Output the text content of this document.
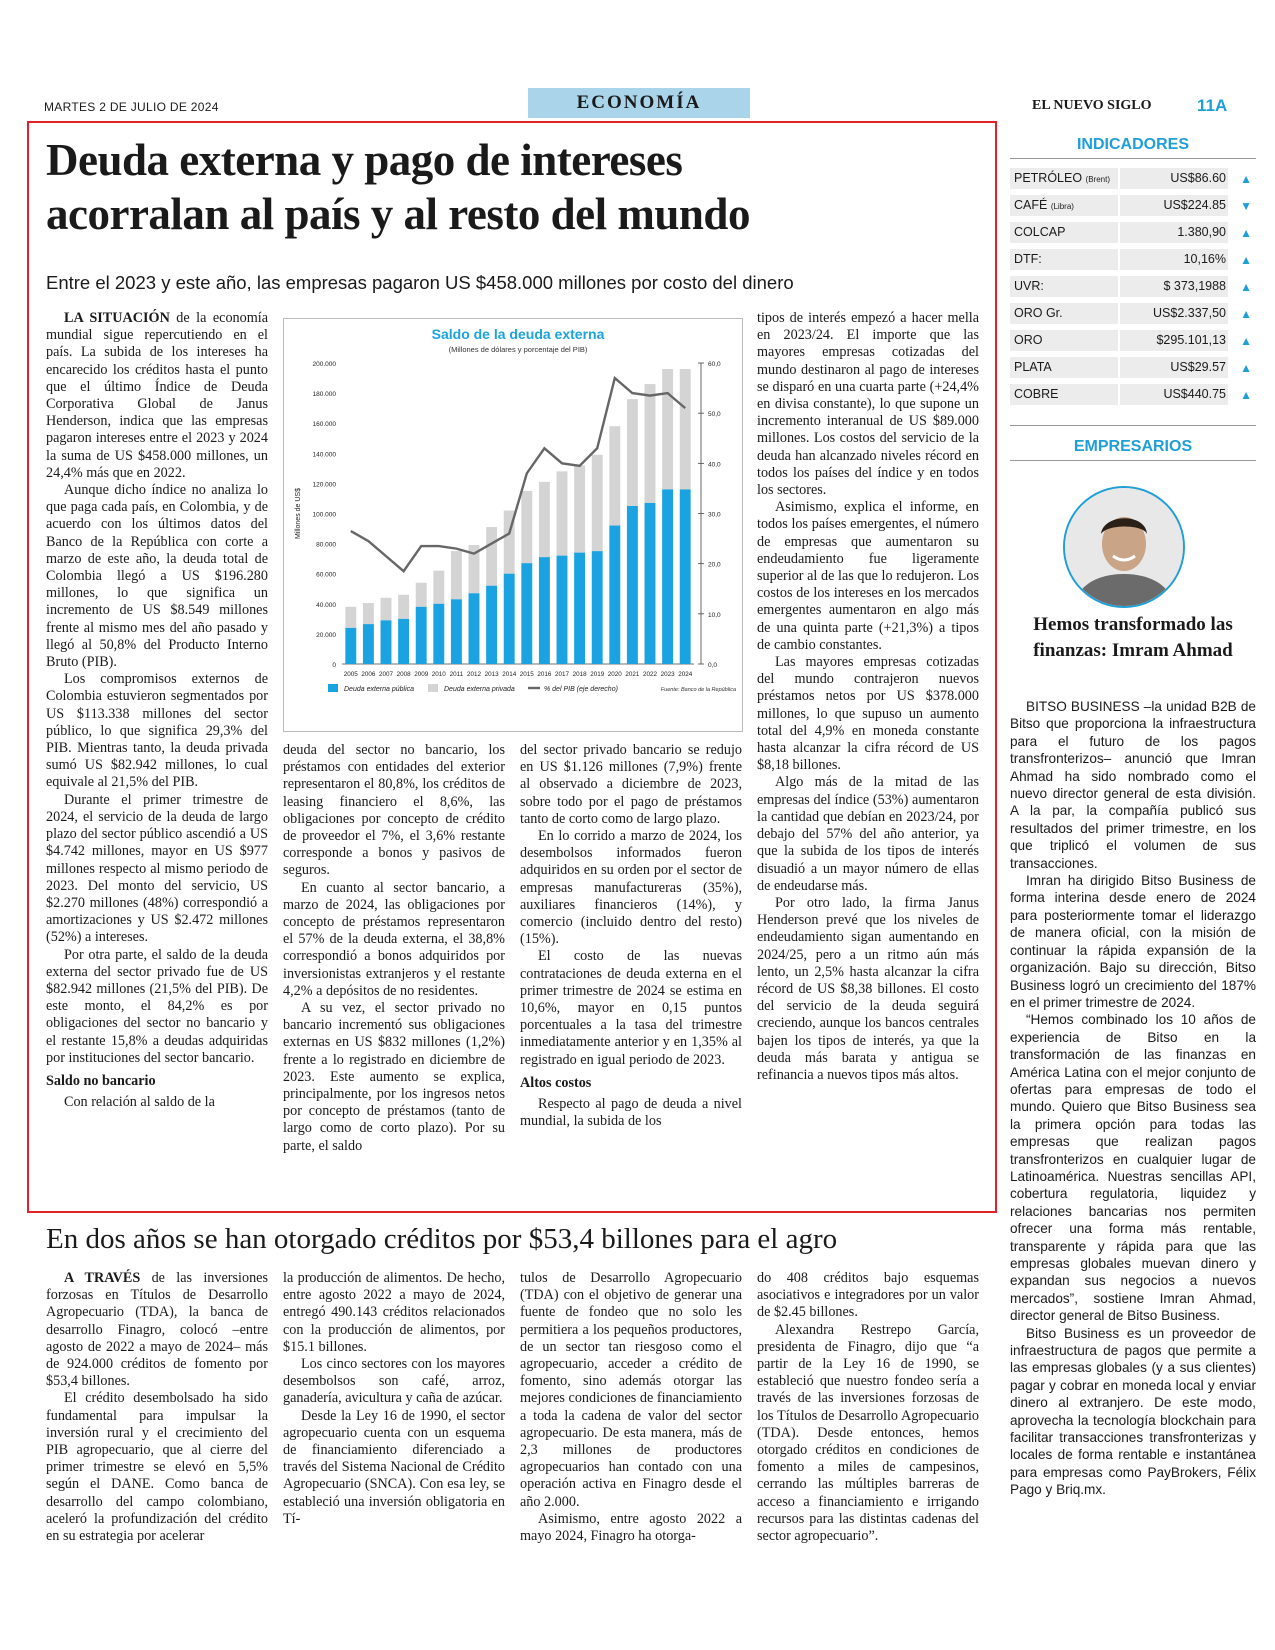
MARTES 2 DE JULIO DE 2024	ECONOMÍA	EL NUEVO SIGLO	11A
Deuda externa y pago de intereses
acorralan al país y al resto del mundo
Entre el 2023 y este año, las empresas pagaron US $458.000 millones por costo del dinero

LA SITUACIÓN de la economía mundial sigue repercutiendo en el país. La subida de los intereses ha encarecido los créditos hasta el punto que el último Índice de Deuda Corporativa Global de Janus Henderson, indica que las empresas pagaron intereses entre el 2023 y 2024 la suma de US $458.000 millones, un 24,4% más que en 2022.

Aunque dicho índice no analiza lo que paga cada país, en Colombia, y de acuerdo con los últimos datos del Banco de la República con corte a marzo de este año, la deuda total de Colombia llegó a US $196.280 millones, lo que significa un incremento de US $8.549 millones frente al mismo mes del año pasado y llegó al 50,8% del Producto Interno Bruto (PIB).

Los compromisos externos de Colombia estuvieron segmentados por US $113.338 millones del sector público, lo que significa 29,3% del PIB. Mientras tanto, la deuda privada sumó US $82.942 millones, lo cual equivale al 21,5% del PIB.

Durante el primer trimestre de 2024, el servicio de la deuda de largo plazo del sector público ascendió a US $4.742 millones, mayor en US $977 millones respecto al mismo periodo de 2023. Del monto del servicio, US $2.270 millones (48%) correspondió a amortizaciones y US $2.472 millones (52%) a intereses.

Por otra parte, el saldo de la deuda externa del sector privado fue de US $82.942 millones (21,5% del PIB). De este monto, el 84,2% es por obligaciones del sector no bancario y el restante 15,8% a deudas adquiridas por instituciones del sector bancario.

Saldo no bancario

Con relación al saldo de la

Saldo de la deuda externa
(Millones de dólares y porcentaje del PIB)
0
20.000
40.000
60.000
80.000
100.000
120.000
140.000
160.000
180.000
200.000
0,0
10,0
20,0
30,0
40,0
50,0
60,0
Millones de US$
2005 2006 2007 2008 2009 2010 2011 2012 2013 2014 2015 2016 2017 2018 2019 2020 2021 2022 2023 2024
Deuda externa pública	Deuda externa privada	% del PIB (eje derecho)	Fuente: Banco de la República

deuda del sector no bancario, los préstamos con entidades del exterior representaron el 80,8%, los créditos de leasing financiero el 8,6%, las obligaciones por concepto de crédito de proveedor el 7%, el 3,6% restante corresponde a bonos y pasivos de seguros.

En cuanto al sector bancario, a marzo de 2024, las obligaciones por concepto de préstamos representaron el 57% de la deuda externa, el 38,8% correspondió a bonos adquiridos por inversionistas extranjeros y el restante 4,2% a depósitos de no residentes.

A su vez, el sector privado no bancario incrementó sus obligaciones externas en US $832 millones (1,2%) frente a lo registrado en diciembre de 2023. Este aumento se explica, principalmente, por los ingresos netos por concepto de préstamos (tanto de largo como de corto plazo). Por su parte, el saldo

del sector privado bancario se redujo en US $1.126 millones (7,9%) frente al observado a diciembre de 2023, sobre todo por el pago de préstamos tanto de corto como de largo plazo.

En lo corrido a marzo de 2024, los desembolsos informados fueron adquiridos en su orden por el sector de empresas manufactureras (35%), auxiliares financieros (14%), y comercio (incluido dentro del resto) (15%).

El costo de las nuevas contrataciones de deuda externa en el primer trimestre de 2024 se estima en 10,6%, mayor en 0,15 puntos porcentuales a la tasa del trimestre inmediatamente anterior y en 1,35% al registrado en igual periodo de 2023.

Altos costos

Respecto al pago de deuda a nivel mundial, la subida de los

tipos de interés empezó a hacer mella en 2023/24. El importe que las mayores empresas cotizadas del mundo destinaron al pago de intereses se disparó en una cuarta parte (+24,4% en divisa constante), lo que supone un incremento interanual de US $89.000 millones. Los costos del servicio de la deuda han alcanzado niveles récord en todos los países del índice y en todos los sectores.

Asimismo, explica el informe, en todos los países emergentes, el número de empresas que aumentaron su endeudamiento fue ligeramente superior al de las que lo redujeron. Los costos de los intereses en los mercados emergentes aumentaron en algo más de una quinta parte (+21,3%) a tipos de cambio constantes.

Las mayores empresas cotizadas del mundo contrajeron nuevos préstamos netos por US $378.000 millones, lo que supuso un aumento total del 4,9% en moneda constante hasta alcanzar la cifra récord de US $8,18 billones.

Algo más de la mitad de las empresas del índice (53%) aumentaron la cantidad que debían en 2023/24, por debajo del 57% del año anterior, ya que la subida de los tipos de interés disuadió a un mayor número de ellas de endeudarse más.

Por otro lado, la firma Janus Henderson prevé que los niveles de endeudamiento sigan aumentando en 2024/25, pero a un ritmo aún más lento, un 2,5% hasta alcanzar la cifra récord de US $8,38 billones. El costo del servicio de la deuda seguirá creciendo, aunque los bancos centrales bajen los tipos de interés, ya que la deuda más barata y antigua se refinancia a nuevos tipos más altos.

En dos años se han otorgado créditos por $53,4 billones para el agro

A TRAVÉS de las inversiones forzosas en Títulos de Desarrollo Agropecuario (TDA), la banca de desarrollo Finagro, colocó –entre agosto de 2022 a mayo de 2024– más de 924.000 créditos de fomento por $53,4 billones.

El crédito desembolsado ha sido fundamental para impulsar la inversión rural y el crecimiento del PIB agropecuario, que al cierre del primer trimestre se elevó en 5,5% según el DANE. Como banca de desarrollo del campo colombiano, aceleró la profundización del crédito en su estrategia por acelerar

la producción de alimentos. De hecho, entre agosto 2022 a mayo de 2024, entregó 490.143 créditos relacionados con la producción de alimentos, por $15.1 billones.

Los cinco sectores con los mayores desembolsos son café, arroz, ganadería, avicultura y caña de azúcar.

Desde la Ley 16 de 1990, el sector agropecuario cuenta con un esquema de financiamiento diferenciado a través del Sistema Nacional de Crédito Agropecuario (SNCA). Con esa ley, se estableció una inversión obligatoria en Tí-

tulos de Desarrollo Agropecuario (TDA) con el objetivo de generar una fuente de fondeo que no solo les permitiera a los pequeños productores, de un sector tan riesgoso como el agropecuario, acceder a crédito de fomento, sino además otorgar las mejores condiciones de financiamiento a toda la cadena de valor del sector agropecuario. De esta manera, más de 2,3 millones de productores agropecuarios han contado con una operación activa en Finagro desde el año 2.000.

Asimismo, entre agosto 2022 a mayo 2024, Finagro ha otorga-

do 408 créditos bajo esquemas asociativos e integradores por un valor de $2.45 billones.

Alexandra Restrepo García, presidenta de Finagro, dijo que “a partir de la Ley 16 de 1990, se estableció que nuestro fondeo sería a través de las inversiones forzosas de los Títulos de Desarrollo Agropecuario (TDA). Desde entonces, hemos otorgado créditos en condiciones de fomento a miles de campesinos, cerrando las múltiples barreras de acceso a financiamiento e irrigando recursos para las distintas cadenas del sector agropecuario”.

INDICADORES
PETRÓLEO (Brent)	US$86.60 ▲
CAFÉ (Libra)	US$224.85 ▼
COLCAP	1.380,90 ▲
DTF:	10,16% ▲
UVR:	$ 373,1988 ▲
ORO Gr.	US$2.337,50 ▲
ORO	$295.101,13 ▲
PLATA	US$29.57 ▲
COBRE	US$440.75 ▲
EMPRESARIOS
Hemos transformado las finanzas: Imram Ahmad

BITSO BUSINESS –la unidad B2B de Bitso que proporciona la infraestructura para el futuro de los pagos transfronterizos– anunció que Imran Ahmad ha sido nombrado como el nuevo director general de esta división. A la par, la compañía publicó sus resultados del primer trimestre, en los que triplicó el volumen de sus transacciones.

Imran ha dirigido Bitso Business de forma interina desde enero de 2024 para posteriormente tomar el liderazgo de manera oficial, con la misión de continuar la rápida expansión de la organización. Bajo su dirección, Bitso Business logró un crecimiento del 187% en el primer trimestre de 2024.

“Hemos combinado los 10 años de experiencia de Bitso en la transformación de las finanzas en América Latina con el mejor conjunto de ofertas para empresas de todo el mundo. Quiero que Bitso Business sea la primera opción para todas las empresas que realizan pagos transfronterizos en cualquier lugar de Latinoamérica. Nuestras sencillas API, cobertura regulatoria, liquidez y relaciones bancarias nos permiten ofrecer una forma más rentable, transparente y rápida para que las empresas globales muevan dinero y expandan sus negocios a nuevos mercados”, sostiene Imran Ahmad, director general de Bitso Business.

Bitso Business es un proveedor de infraestructura de pagos que permite a las empresas globales (y a sus clientes) pagar y cobrar en moneda local y enviar dinero al extranjero. De este modo, aprovecha la tecnología blockchain para facilitar transacciones transfronterizas y locales de forma rentable e instantánea para empresas como PayBrokers, Félix Pago y Briq.mx.
